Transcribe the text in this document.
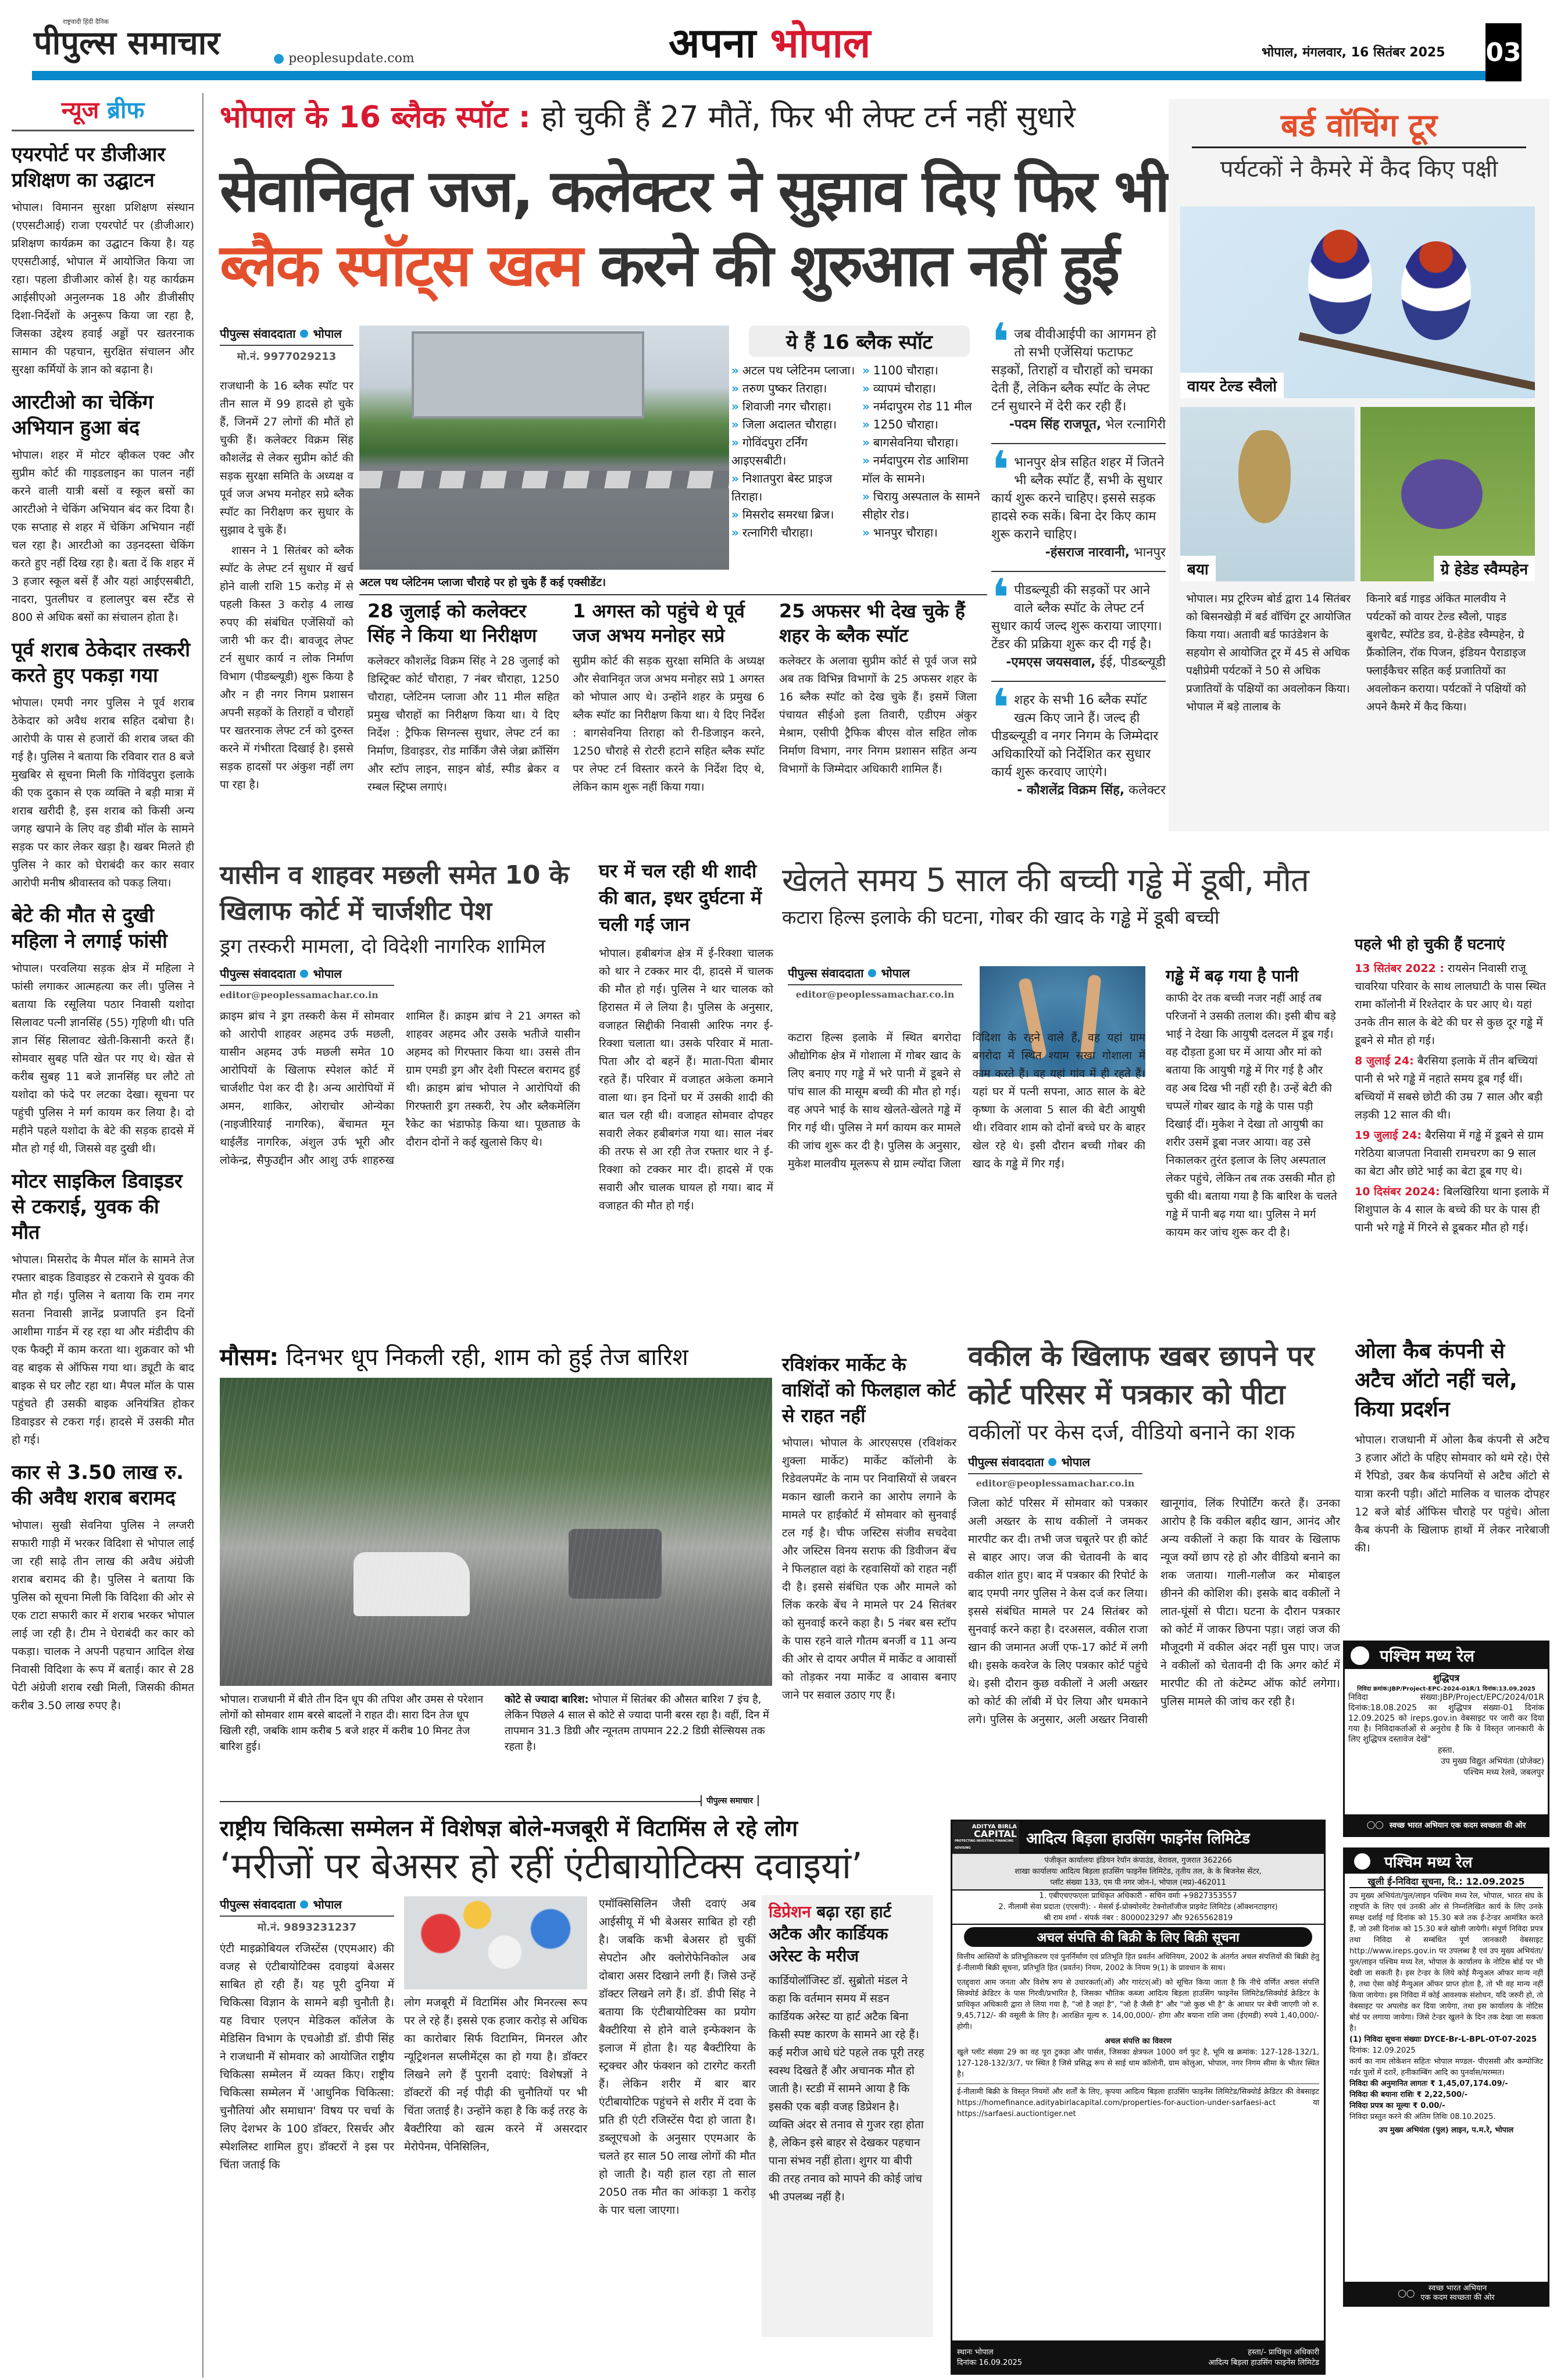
राष्ट्रवादी हिंदी दैनिक
पीपुल्स समाचार	● peoplesupdate.com	अपना भोपाल	भोपाल, मंगलवार, 16 सितंबर 2025 03
न्यूज ब्रीफ
एयरपोर्ट पर डीजीआर प्रशिक्षण का उद्घाटन
भोपाल। विमानन सुरक्षा प्रशिक्षण संस्थान (एएसटीआई) राजा एयरपोर्ट पर (डीजीआर) प्रशिक्षण कार्यक्रम का उद्घाटन किया है। यह एएसटीआई, भोपाल में आयोजित किया जा रहा। पहला डीजीआर कोर्स है। यह कार्यक्रम आईसीएओ अनुलग्नक 18 और डीजीसीए दिशा-निर्देशों के अनुरूप किया जा रहा है, जिसका उद्देश्य हवाई अड्डों पर खतरनाक सामान की पहचान, सुरक्षित संचालन और सुरक्षा कर्मियों के ज्ञान को बढ़ाना है।
आरटीओ का चेकिंग अभियान हुआ बंद
भोपाल। शहर में मोटर व्हीकल एक्ट और सुप्रीम कोर्ट की गाइडलाइन का पालन नहीं करने वाली यात्री बसों व स्कूल बसों का आरटीओ ने चेकिंग अभियान बंद कर दिया है। एक सप्ताह से शहर में चेकिंग अभियान नहीं चल रहा है। आरटीओ का उड़नदस्ता चेकिंग करते हुए नहीं दिख रहा है। बता दें कि शहर में 3 हजार स्कूल बसें हैं और यहां आईएसबीटी, नादरा, पुतलीघर व हलालपुर बस स्टैंड से 800 से अधिक बसों का संचालन होता है।
पूर्व शराब ठेकेदार तस्करी करते हुए पकड़ा गया
भोपाल। एमपी नगर पुलिस ने पूर्व शराब ठेकेदार को अवैध शराब सहित दबोचा है। आरोपी के पास से हजारों की शराब जब्त की गई है। पुलिस ने बताया कि रविवार रात 8 बजे मुखबिर से सूचना मिली कि गोविंदपुरा इलाके की एक दुकान से एक व्यक्ति ने बड़ी मात्रा में शराब खरीदी है, इस शराब को किसी अन्य जगह खपाने के लिए वह डीबी मॉल के सामने सड़क पर कार लेकर खड़ा है। खबर मिलते ही पुलिस ने कार को घेराबंदी कर कार सवार आरोपी मनीष श्रीवास्तव को पकड़ लिया।
बेटे की मौत से दुखी महिला ने लगाई फांसी
भोपाल। परवलिया सड़क क्षेत्र में महिला ने फांसी लगाकर आत्महत्या कर ली। पुलिस ने बताया कि रसूलिया पठार निवासी यशोदा सिलावट पत्नी ज्ञानसिंह (55) गृहिणी थी। पति ज्ञान सिंह सिलावट खेती-किसानी करते हैं। सोमवार सुबह पति खेत पर गए थे। खेत से करीब सुबह 11 बजे ज्ञानसिंह घर लौटे तो यशोदा को फंदे पर लटका देखा। सूचना पर पहुंची पुलिस ने मर्ग कायम कर लिया है। दो महीने पहले यशोदा के बेटे की सड़क हादसे में मौत हो गई थी, जिससे वह दुखी थी।
मोटर साइकिल डिवाइडर से टकराई, युवक की मौत
भोपाल। मिसरोद के मैपल मॉल के सामने तेज रफ्तार बाइक डिवाइडर से टकराने से युवक की मौत हो गई। पुलिस ने बताया कि राम नगर सतना निवासी ज्ञानेंद्र प्रजापति इन दिनों आशीमा गार्डन में रह रहा था और मंडीदीप की एक फैक्ट्री में काम करता था। शुक्रवार को भी वह बाइक से ऑफिस गया था। ड्यूटी के बाद बाइक से घर लौट रहा था। मैपल मॉल के पास पहुंचते ही उसकी बाइक अनियंत्रित होकर डिवाइडर से टकरा गई। हादसे में उसकी मौत हो गई।
कार से 3.50 लाख रु. की अवैध शराब बरामद
भोपाल। सुखी सेवनिया पुलिस ने लग्जरी सफारी गाड़ी में भरकर विदिशा से भोपाल लाई जा रही साढ़े तीन लाख की अवैध अंग्रेजी शराब बरामद की है। पुलिस ने बताया कि पुलिस को सूचना मिली कि विदिशा की ओर से एक टाटा सफारी कार में शराब भरकर भोपाल लाई जा रही है। टीम ने घेराबंदी कर कार को पकड़ा। चालक ने अपनी पहचान आदिल शेख निवासी विदिशा के रूप में बताई। कार से 28 पेटी अंग्रेजी शराब रखी मिली, जिसकी कीमत करीब 3.50 लाख रुपए है।
भोपाल के 16 ब्लैक स्पॉट : हो चुकी हैं 27 मौतें, फिर भी लेफ्ट टर्न नहीं सुधारे
सेवानिवृत जज, कलेक्टर ने सुझाव दिए फिर भी
ब्लैक स्पॉट्स खत्म करने की शुरुआत नहीं हुई
पीपुल्स संवाददाता भोपाल
मो.नं. 9977029213
राजधानी के 16 ब्लैक स्पॉट पर तीन साल में 99 हादसे हो चुके हैं, जिनमें 27 लोगों की मौतें हो चुकी हैं। कलेक्टर विक्रम सिंह कौशलेंद्र से लेकर सुप्रीम कोर्ट की सड़क सुरक्षा समिति के अध्यक्ष व पूर्व जज अभय मनोहर सप्रे ब्लैक स्पॉट का निरीक्षण कर सुधार के सुझाव दे चुके हैं।
शासन ने 1 सितंबर को ब्लैक स्पॉट के लेफ्ट टर्न सुधार में खर्च होने वाली राशि 15 करोड़ में से पहली किस्त 3 करोड़ 4 लाख रुपए की संबंधित एजेंसियों को जारी भी कर दी। बावजूद लेफ्ट टर्न सुधार कार्य न लोक निर्माण विभाग (पीडब्ल्यूडी) शुरू किया है और न ही नगर निगम प्रशासन अपनी सड़कों के तिराहों व चौराहों पर खतरनाक लेफ्ट टर्न को दुरुस्त करने में गंभीरता दिखाई है। इससे सड़क हादसों पर अंकुश नहीं लग पा रहा है।
अटल पथ प्लेटिनम प्लाजा चौराहे पर हो चुके हैं कई एक्सीडेंट।
ये हैं 16 ब्लैक स्पॉट
» अटल पथ प्लेटिनम प्लाजा।
» तरुण पुष्कर तिराहा।
» शिवाजी नगर चौराहा।
» जिला अदालत चौराहा।
» गोविंदपुरा टर्निंग आइएसबीटी।
» निशातपुरा बेस्ट प्राइज तिराहा।
» मिसरोद समरधा ब्रिज।
» रत्नागिरी चौराहा।
» 1100 चौराहा।
» व्यापमं चौराहा।
» नर्मदापुरम रोड 11 मील
» 1250 चौराहा।
» बागसेवनिया चौराहा।
» नर्मदापुरम रोड आशिमा मॉल के सामने।
» चिरायु अस्पताल के सामने सीहोर रोड।
» भानपुर चौराहा।
28 जुलाई को कलेक्टर सिंह ने किया था निरीक्षण
कलेक्टर कौशलेंद्र विक्रम सिंह ने 28 जुलाई को डिस्ट्रिक्ट कोर्ट चौराहा, 7 नंबर चौराहा, 1250 चौराहा, प्लेटिनम प्लाजा और 11 मील सहित प्रमुख चौराहों का निरीक्षण किया था। ये दिए निर्देश : ट्रैफिक सिग्नल्स सुधार, लेफ्ट टर्न का निर्माण, डिवाइडर, रोड मार्किंग जैसे जेब्रा क्रॉसिंग और स्टॉप लाइन, साइन बोर्ड, स्पीड ब्रेकर व रम्बल स्ट्रिप्स लगाएं।
1 अगस्त को पहुंचे थे पूर्व जज अभय मनोहर सप्रे
सुप्रीम कोर्ट की सड़क सुरक्षा समिति के अध्यक्ष और सेवानिवृत जज अभय मनोहर सप्रे 1 अगस्त को भोपाल आए थे। उन्होंने शहर के प्रमुख 6 ब्लैक स्पॉट का निरीक्षण किया था। ये दिए निर्देश : बागसेवनिया तिराहा को री-डिजाइन करने, 1250 चौराहे से रोटरी हटाने सहित ब्लैक स्पॉट पर लेफ्ट टर्न विस्तार करने के निर्देश दिए थे, लेकिन काम शुरू नहीं किया गया।
25 अफसर भी देख चुके हैं शहर के ब्लैक स्पॉट
कलेक्टर के अलावा सुप्रीम कोर्ट से पूर्व जज सप्रे अब तक विभिन्न विभागों के 25 अफसर शहर के 16 ब्लैक स्पॉट को देख चुके हैं। इसमें जिला पंचायत सीईओ इला तिवारी, एडीएम अंकुर मेश्राम, एसीपी ट्रैफिक बीएस वोल सहित लोक निर्माण विभाग, नगर निगम प्रशासन सहित अन्य विभागों के जिम्मेदार अधिकारी शामिल हैं।
❛ जब वीवीआईपी का आगमन हो तो सभी एजेंसियां फटाफट सड़कों, तिराहों व चौराहों को चमका देती हैं, लेकिन ब्लैक स्पॉट के लेफ्ट टर्न सुधारने में देरी कर रही हैं।
-पदम सिंह राजपूत, भेल रत्नागिरी
❛ भानपुर क्षेत्र सहित शहर में जितने भी ब्लैक स्पॉट हैं, सभी के सुधार कार्य शुरू करने चाहिए। इससे सड़क हादसे रुक सकें। बिना देर किए काम शुरू कराने चाहिए।
-हंसराज नारवानी, भानपुर
❛ पीडब्ल्यूडी की सड़कों पर आने वाले ब्लैक स्पॉट के लेफ्ट टर्न सुधार कार्य जल्द शुरू कराया जाएगा। टेंडर की प्रक्रिया शुरू कर दी गई है।
-एमएस जयसवाल, ईई, पीडब्ल्यूडी
❛ शहर के सभी 16 ब्लैक स्पॉट खत्म किए जाने हैं। जल्द ही पीडब्ल्यूडी व नगर निगम के जिम्मेदार अधिकारियों को निर्देशित कर सुधार कार्य शुरू करवाए जाएंगे।
- कौशलेंद्र विक्रम सिंह, कलेक्टर
बर्ड वॉचिंग टूर
पर्यटकों ने कैमरे में कैद किए पक्षी
वायर टेल्ड स्वैलो
बया	ग्रे हेडेड स्वैम्पहेन
भोपाल। मप्र टूरिज्म बोर्ड द्वारा 14 सितंबर को बिसनखेड़ी में बर्ड वॉचिंग टूर आयोजित किया गया। अतावी बर्ड फाउंडेशन के सहयोग से आयोजित टूर में 45 से अधिक पक्षीप्रेमी पर्यटकों ने 50 से अधिक प्रजातियों के पक्षियों का अवलोकन किया। भोपाल में बड़े तालाब के
किनारे बर्ड गाइड अंकित मालवीय ने पर्यटकों को वायर टेल्ड स्वैलो, पाइड बुशचैट, स्पॉटेड डव, ग्रे-हेडेड स्वैम्पहेन, ग्रे फ्रैंकोलिन, रॉक पिजन, इंडियन पैराडाइज फ्लाईकैचर सहित कई प्रजातियों का अवलोकन कराया। पर्यटकों ने पक्षियों को अपने कैमरे में कैद किया।
यासीन व शाहवर मछली समेत 10 के खिलाफ कोर्ट में चार्जशीट पेश
ड्रग तस्करी मामला, दो विदेशी नागरिक शामिल
पीपुल्स संवाददाता भोपाल
editor@peoplessamachar.co.in
क्राइम ब्रांच ने ड्रग तस्करी केस में सोमवार को आरोपी शाहवर अहमद उर्फ मछली, यासीन अहमद उर्फ मछली समेत 10 आरोपियों के खिलाफ स्पेशल कोर्ट में चार्जशीट पेश कर दी है। अन्य आरोपियों में अमन, शाकिर, ओराचोर ओन्येका (नाइजीरियाई नागरिक), बेंचामत मून थाईलैंड नागरिक, अंशुल उर्फ भूरी और लोकेन्द्र, सैफुउद्दीन और आशु उर्फ शाहरुख शामिल हैं। क्राइम ब्रांच ने 21 अगस्त को शाहवर अहमद और उसके भतीजे यासीन अहमद को गिरफ्तार किया था। उससे तीन ग्राम एमडी ड्रग और देशी पिस्टल बरामद हुई थी। क्राइम ब्रांच भोपाल ने आरोपियों की गिरफ्तारी ड्रग तस्करी, रेप और ब्लैकमेलिंग रैकेट का भंडाफोड़ किया था। पूछताछ के दौरान दोनों ने कई खुलासे किए थे।
घर में चल रही थी शादी की बात, इधर दुर्घटना में चली गई जान
भोपाल। हबीबगंज क्षेत्र में ई-रिक्शा चालक को थार ने टक्कर मार दी, हादसे में चालक की मौत हो गई। पुलिस ने थार चालक को हिरासत में ले लिया है। पुलिस के अनुसार, वजाहत सिद्दीकी निवासी आरिफ नगर ई-रिक्शा चलाता था। उसके परिवार में माता-पिता और दो बहनें हैं। माता-पिता बीमार रहते हैं। परिवार में वजाहत अकेला कमाने वाला था। इन दिनों घर में उसकी शादी की बात चल रही थी। वजाहत सोमवार दोपहर सवारी लेकर हबीबगंज गया था। साल नंबर की तरफ से आ रही तेज रफ्तार थार ने ई-रिक्शा को टक्कर मार दी। हादसे में एक सवारी और चालक घायल हो गया। बाद में वजाहत की मौत हो गई।
खेलते समय 5 साल की बच्ची गड्ढे में डूबी, मौत
कटारा हिल्स इलाके की घटना, गोबर की खाद के गड्ढे में डूबी बच्ची
पीपुल्स संवाददाता भोपाल
editor@peoplessamachar.co.in
कटारा हिल्स इलाके में स्थित बगरोदा औद्योगिक क्षेत्र में गोशाला में गोबर खाद के लिए बनाए गए गड्ढे में भरे पानी में डूबने से पांच साल की मासूम बच्ची की मौत हो गई। वह अपने भाई के साथ खेलते-खेलते गड्ढे में गिर गई थी। पुलिस ने मर्ग कायम कर मामले की जांच शुरू कर दी है। पुलिस के अनुसार, मुकेश मालवीय मूलरूप से ग्राम ल्योंदा जिला विदिशा के रहने वाले हैं, वह यहां ग्राम बगरोदा में स्थित श्याम सखा गोशाला में काम करते हैं। वह यहां गांव में ही रहते हैं। यहां घर में पत्नी सपना, आठ साल के बेटे कृष्णा के अलावा 5 साल की बेटी आयुषी थी। रविवार शाम को दोनों बच्चे घर के बाहर खेल रहे थे। इसी दौरान बच्ची गोबर की खाद के गड्ढे में गिर गई।
गड्ढे में बढ़ गया है पानी
काफी देर तक बच्ची नजर नहीं आई तब परिजनों ने उसकी तलाश की। इसी बीच बड़े भाई ने देखा कि आयुषी दलदल में डूब गई। वह दौड़ता हुआ घर में आया और मां को बताया कि आयुषी गड्ढे में गिर गई है और वह अब दिख भी नहीं रही है। उन्हें बेटी की चप्पलें गोबर खाद के गड्ढे के पास पड़ी दिखाई दीं। मुकेश ने देखा तो आयुषी का शरीर उसमें डूबा नजर आया। वह उसे निकालकर तुरंत इलाज के लिए अस्पताल लेकर पहुंचे, लेकिन तब तक उसकी मौत हो चुकी थी। बताया गया है कि बारिश के चलते गड्ढे में पानी बढ़ गया था। पुलिस ने मर्ग कायम कर जांच शुरू कर दी है।
पहले भी हो चुकी हैं घटनाएं
13 सितंबर 2022 : रायसेन निवासी राजू चावरिया परिवार के साथ लालघाटी के पास स्थित रामा कॉलोनी में रिश्तेदार के घर आए थे। यहां उनके तीन साल के बेटे की घर से कुछ दूर गड्ढे में डूबने से मौत हो गई।
8 जुलाई 24: बैरसिया इलाके में तीन बच्चियां पानी से भरे गड्ढे में नहाते समय डूब गईं थीं। बच्चियों में सबसे छोटी की उम्र 7 साल और बड़ी लड़की 12 साल की थी।
19 जुलाई 24: बैरसिया में गड्ढे में डूबने से ग्राम गरेठिया बाजपता निवासी रामचरण का 9 साल का बेटा और छोटे भाई का बेटा डूब गए थे।
10 दिसंबर 2024: बिलखिरिया थाना इलाके में शिशुपाल के 4 साल के बच्चे की घर के पास ही पानी भरे गड्ढे में गिरने से डूबकर मौत हो गई।
मौसम: दिनभर धूप निकली रही, शाम को हुई तेज बारिश
भोपाल। राजधानी में बीते तीन दिन धूप की तपिश और उमस से परेशान लोगों को सोमवार शाम बरसे बादलों ने राहत दी। सारा दिन तेज धूप खिली रही, जबकि शाम करीब 5 बजे शहर में करीब 10 मिनट तेज बारिश हुई।
कोटे से ज्यादा बारिश: भोपाल में सितंबर की औसत बारिश 7 इंच है, लेकिन पिछले 4 साल से कोटे से ज्यादा पानी बरस रहा है। वहीं, दिन में तापमान 31.3 डिग्री और न्यूनतम तापमान 22.2 डिग्री सेल्सियस तक रहता है।
पीपुल्स समाचार
रविशंकर मार्केट के वाशिंदों को फिलहाल कोर्ट से राहत नहीं
भोपाल। भोपाल के आरएसएस (रविशंकर शुक्ला मार्केट) मार्केट कॉलोनी के रिडेवलपमेंट के नाम पर निवासियों से जबरन मकान खाली कराने का आरोप लगाने के मामले पर हाईकोर्ट में सोमवार को सुनवाई टल गई है। चीफ जस्टिस संजीव सचदेवा और जस्टिस विनय सराफ की डिवीजन बेंच ने फिलहाल वहां के रहवासियों को राहत नहीं दी है। इससे संबंधित एक और मामले को लिंक करके बेंच ने मामले पर 24 सितंबर को सुनवाई करने कहा है। 5 नंबर बस स्टॉप के पास रहने वाले गौतम बनर्जी व 11 अन्य की ओर से दायर अपील में मार्केट व आवासों को तोड़कर नया मार्केट व आवास बनाए जाने पर सवाल उठाए गए हैं।
वकील के खिलाफ खबर छापने पर कोर्ट परिसर में पत्रकार को पीटा
वकीलों पर केस दर्ज, वीडियो बनाने का शक
पीपुल्स संवाददाता भोपाल
editor@peoplessamachar.co.in
जिला कोर्ट परिसर में सोमवार को पत्रकार अली अख्तर के साथ वकीलों ने जमकर मारपीट कर दी। तभी जज चबूतरे पर ही कोर्ट से बाहर आए। जज की चेतावनी के बाद वकील शांत हुए। बाद में पत्रकार की रिपोर्ट के बाद एमपी नगर पुलिस ने केस दर्ज कर लिया। इससे संबंधित मामले पर 24 सितंबर को सुनवाई करने कहा है। दरअसल, वकील राजा खान की जमानत अर्जी एफ-17 कोर्ट में लगी थी। इसके कवरेज के लिए पत्रकार कोर्ट पहुंचे थे। इसी दौरान कुछ वकीलों ने अली अख्तर को कोर्ट की लॉबी में घेर लिया और धमकाने लगे। पुलिस के अनुसार, अली अख्तर निवासी खानूगांव, लिंक रिपोर्टिंग करते हैं। उनका आरोप है कि वकील बहीद खान, आनंद और अन्य वकीलों ने कहा कि यावर के खिलाफ न्यूज क्यों छाप रहे हो और वीडियो बनाने का शक जताया। गाली-गलौज कर मोबाइल छीनने की कोशिश की। इसके बाद वकीलों ने लात-घूंसों से पीटा। घटना के दौरान पत्रकार को कोर्ट में जाकर छिपना पड़ा। जहां जज की मौजूदगी में वकील अंदर नहीं घुस पाए। जज ने वकीलों को चेतावनी दी कि अगर कोर्ट में मारपीट की तो कंटेम्प्ट ऑफ कोर्ट लगेगा। पुलिस मामले की जांच कर रही है।
ओला कैब कंपनी से अटैच ऑटो नहीं चले, किया प्रदर्शन
भोपाल। राजधानी में ओला कैब कंपनी से अटैच 3 हजार ऑटो के पहिए सोमवार को थमे रहे। ऐसे में रैपिडो, उबर कैब कंपनियों से अटैच ऑटो से यात्रा करनी पड़ी। ऑटो मालिक व चालक दोपहर 12 बजे बोर्ड ऑफिस चौराहे पर पहुंचे। ओला कैब कंपनी के खिलाफ हाथों में लेकर नारेबाजी की।
पश्चिम मध्य रेल
शुद्धिपत्र
निविदा क्रमांक:JBP/Project-EPC-2024-01R/1 दिनांक:13.09.2025
निविदा संख्या:JBP/Project/EPC/2024/01R दिनांक:18.08.2025 का शुद्धिपत्र संख्या-01 दिनांक 12.09.2025 को ireps.gov.in वेबसाइट पर जारी कर दिया गया है। निविदाकर्ताओं से अनुरोध है कि वे विस्तृत जानकारी के लिए शुद्धिपत्र दस्तावेज देखें"
हस्ता.
उप मुख्य विद्युत अभियंता (प्रोजेक्ट)
पश्चिम मध्य रेलवे, जबलपुर
◯◯ स्वच्छ भारत अभियान एक कदम स्वच्छता की ओर
राष्ट्रीय चिकित्सा सम्मेलन में विशेषज्ञ बोले-मजबूरी में विटामिंस ले रहे लोग
‘मरीजों पर बेअसर हो रहीं एंटीबायोटिक्स दवाइयां’
पीपुल्स संवाददाता भोपाल
मो.नं. 9893231237
एंटी माइक्रोबियल रजिस्टेंस (एएमआर) की वजह से एंटीबायोटिक्स दवाइयां बेअसर साबित हो रही हैं। यह पूरी दुनिया में चिकित्सा विज्ञान के सामने बड़ी चुनौती है। यह विचार एलएन मेडिकल कॉलेज के मेडिसिन विभाग के एचओडी डॉ. डीपी सिंह ने राजधानी में सोमवार को आयोजित राष्ट्रीय चिकित्सा सम्मेलन में व्यक्त किए। राष्ट्रीय चिकित्सा सम्मेलन में 'आधुनिक चिकित्सा: चुनौतियां और समाधान' विषय पर चर्चा के लिए देशभर के 100 डॉक्टर, रिसर्चर और स्पेशलिस्ट शामिल हुए। डॉक्टरों ने इस पर चिंता जताई कि
लोग मजबूरी में विटामिंस और मिनरल्स रूप पर ले रहे हैं। इससे एक हजार करोड़ से अधिक का कारोबार सिर्फ विटामिन, मिनरल और न्यूट्रिशनल सप्लीमेंट्स का हो गया है। डॉक्टर लिखने लगे हैं पुरानी दवाएं: विशेषज्ञों ने डॉक्टरों की नई पीढ़ी की चुनौतियों पर भी चिंता जताई है। उन्होंने कहा है कि कई तरह के बैक्टीरिया को खत्म करने में असरदार मेरोपेनम, पेनिसिलिन,
एमॉक्सिसिलिन जैसी दवाएं अब आईसीयू में भी बेअसर साबित हो रही है। जबकि कभी बेअसर हो चुकीं सेपटोन और क्लोरोफेनिकोल अब दोबारा असर दिखाने लगी हैं। जिसे उन्हें डॉक्टर लिखने लगे हैं। डॉ. डीपी सिंह ने बताया कि एंटीबायोटिक्स का प्रयोग बैक्टीरिया से होने वाले इन्फेक्शन के इलाज में होता है। यह बैक्टीरिया के स्ट्रक्चर और फंक्शन को टारगेट करती हैं। लेकिन शरीर में बार बार एंटीबायोटिक पहुंचने से शरीर में दवा के प्रति ही एंटी रजिस्टेंस पैदा हो जाता है। डब्लूएचओ के अनुसार एएमआर के चलते हर साल 50 लाख लोगों की मौत हो जाती है। यही हाल रहा तो साल 2050 तक मौत का आंकड़ा 1 करोड़ के पार चला जाएगा।
डिप्रेशन बढ़ा रहा हार्ट अटैक और कार्डियक अरेस्ट के मरीज
कार्डियोलॉजिस्ट डॉ. सुब्रोतो मंडल ने कहा कि वर्तमान समय में सडन कार्डियक अरेस्ट या हार्ट अटैक बिना किसी स्पष्ट कारण के सामने आ रहे हैं। कई मरीज आधे घंटे पहले तक पूरी तरह स्वस्थ दिखते हैं और अचानक मौत हो जाती है। स्टडी में सामने आया है कि इसकी एक बड़ी वजह डिप्रेशन है। व्यक्ति अंदर से तनाव से गुजर रहा होता है, लेकिन इसे बाहर से देखकर पहचान पाना संभव नहीं होता। शुगर या बीपी की तरह तनाव को मापने की कोई जांच भी उपलब्ध नहीं है।
ADITYA BIRLA
CAPITAL
PROTECTING INVESTING FINANCING ADVISING
आदित्य बिड़ला हाउसिंग फाइनेंस लिमिटेड
पंजीकृत कार्यालयः इंडियन रेयॉन कंपाउंड, वेरावल, गुजरात 362266
शाखा कार्यालयः आदित्य बिड़ला हाउसिंग फाइनेंस लिमिटेड, तृतीय तल, के के बिजनेस सेंटर,
प्लॉट संख्या 133, एम पी नगर जोन-I, भोपाल (मप्र)-462011
1. एबीएचएफएलः प्राधिकृत अधिकारी - सचिन वर्माः +9827353557
2. नीलामी सेवा प्रदाता (एएसपी): - मेसर्स ई-प्रोक्योरमेंट टेक्नोलॉजीज प्राइवेट लिमिटेड (ऑक्शनटाइगर)
श्री राम शर्मा - संपर्क नंबर : 8000023297 और 9265562819
अचल संपत्ति की बिक्री के लिए बिक्री सूचना
वित्तीय आस्तियों के प्रतिभूतिकरण एवं पुनर्निर्माण एवं प्रतिभूति हित प्रवर्तन अधिनियम, 2002 के अंतर्गत अचल संपत्तियों की बिक्री हेतु ई-नीलामी बिक्री सूचना, प्रतिभूति हित (प्रवर्तन) नियम, 2002 के नियम 9(1) के प्रावधान के साथ।
एतद्द्वारा आम जनता और विशेष रूप से उधारकर्ता(ओं) और गारंटर(ओं) को सूचित किया जाता है कि नीचे वर्णित अचल संपत्ति सिक्योर्ड क्रेडिटर के पास गिरवी/प्रभारित है, जिसका भौतिक कब्जा आदित्य बिड़ला हाउसिंग फाइनेंस लिमिटेड/सिक्योर्ड क्रेडिटर के प्राधिकृत अधिकारी द्वारा ले लिया गया है, "जो है जहां है", "जो है जैसी है" और "जो कुछ भी है" के आधार पर बेची जाएगी जो रु. 9,45,712/- की वसूली के लिए है। आरक्षित मूल्य रु. 14,00,000/- होगा और बयाना राशि जमा (ईएमडी) रुपये 1,40,000/- होगी।
अचल संपत्ति का विवरण
खुले प्लॉट संख्या 29 का वह पूरा टुकड़ा और पार्सल, जिसका क्षेत्रफल 1000 वर्ग फुट है, भूमि ख क्रमांक: 127-128-132/1, 127-128-132/3/7, पर स्थित है जिसे प्रसिद्ध रूप से साई धाम कॉलोनी, ग्राम कोलुआ, भोपाल, नगर निगम सीमा के भीतर स्थित है।
ई-नीलामी बिक्री के विस्तृत नियमों और शर्तों के लिए, कृपया आदित्य बिड़ला हाउसिंग फाइनेंस लिमिटेड/सिक्योर्ड क्रेडिटर की वेबसाइट https://homefinance.adityabirlacapital.com/properties-for-auction-under-sarfaesi-act या https://sarfaesi.auctiontiger.net
स्थानः भोपाल
दिनांकः 16.09.2025
हस्ता/- प्राधिकृत अधिकारी
आदित्य बिड़ला हाउसिंग फाइनेंस लिमिटेड
पश्चिम मध्य रेल
खुली ई-निविदा सूचना, दि.: 12.09.2025
उप मुख्य अभियंता/पुल/लाइन पश्चिम मध्य रेल, भोपाल, भारत संघ के राष्ट्रपति के लिए एवं उनकी ओर से निम्नलिखित कार्य के लिए उनके समक्ष दर्शाई गई दिनांक को 15.30 बजे तक ई-टेन्डर आमंत्रित करते हैं, जो उसी दिनांक को 15.30 बजे खोली जायेगी। संपूर्ण निविदा प्रपत्र तथा निविदा से सम्बंधित पूर्ण जानकारी वेबसाइट http://www.ireps.gov.in पर उपलब्ध है एवं उप मुख्य अभियंता/पुल/लाइन पश्चिम मध्य रेल, भोपाल के कार्यालय के नोटिस बोर्ड पर भी देखी जा सकती है। इस टेन्डर के लिये कोई मैन्युअल ऑफर मान्य नहीं है, तथा ऐसा कोई मैन्युअल ऑफर प्राप्त होता है, तो भी वह मान्य नहीं किया जायेगा। इस निविदा में कोई आवश्यक संशोधन, यदि जरुरी हो, तो वेबसाइट पर अपलोड कर दिया जायेगा, तथा इस कार्यालय के नोटिस बोर्ड पर लगाया जायेगा। जिसे टेन्डर खुलने के दिन तक देखा जा सकता है।
(1) निविदा सूचना संख्याः DYCE-Br-L-BPL-OT-07-2025
दिनांक: 12.09.2025
कार्य का नाम लोकेशन सहितः भोपाल मण्डल- पीएससी और कम्पोजिट गर्डर पुलों में दरारें, हनीकाम्बिंग आदि का पुनर्वास/मरम्मत।
निविदा की अनुमानित लागतः ₹ 1,45,07,174.09/-
निविदा की बयाना राशिः ₹ 2,22,500/-
निविदा प्रपत्र का मूल्यः ₹ 0.00/-
निविदा प्रस्तुत करने की अंतिम तिथिः 08.10.2025.
उप मुख्य अभियंता (पुल) लाइन, प.म.रे, भोपाल
◯◯
स्वच्छ भारत अभियान
एक कदम स्वच्छता की ओर
